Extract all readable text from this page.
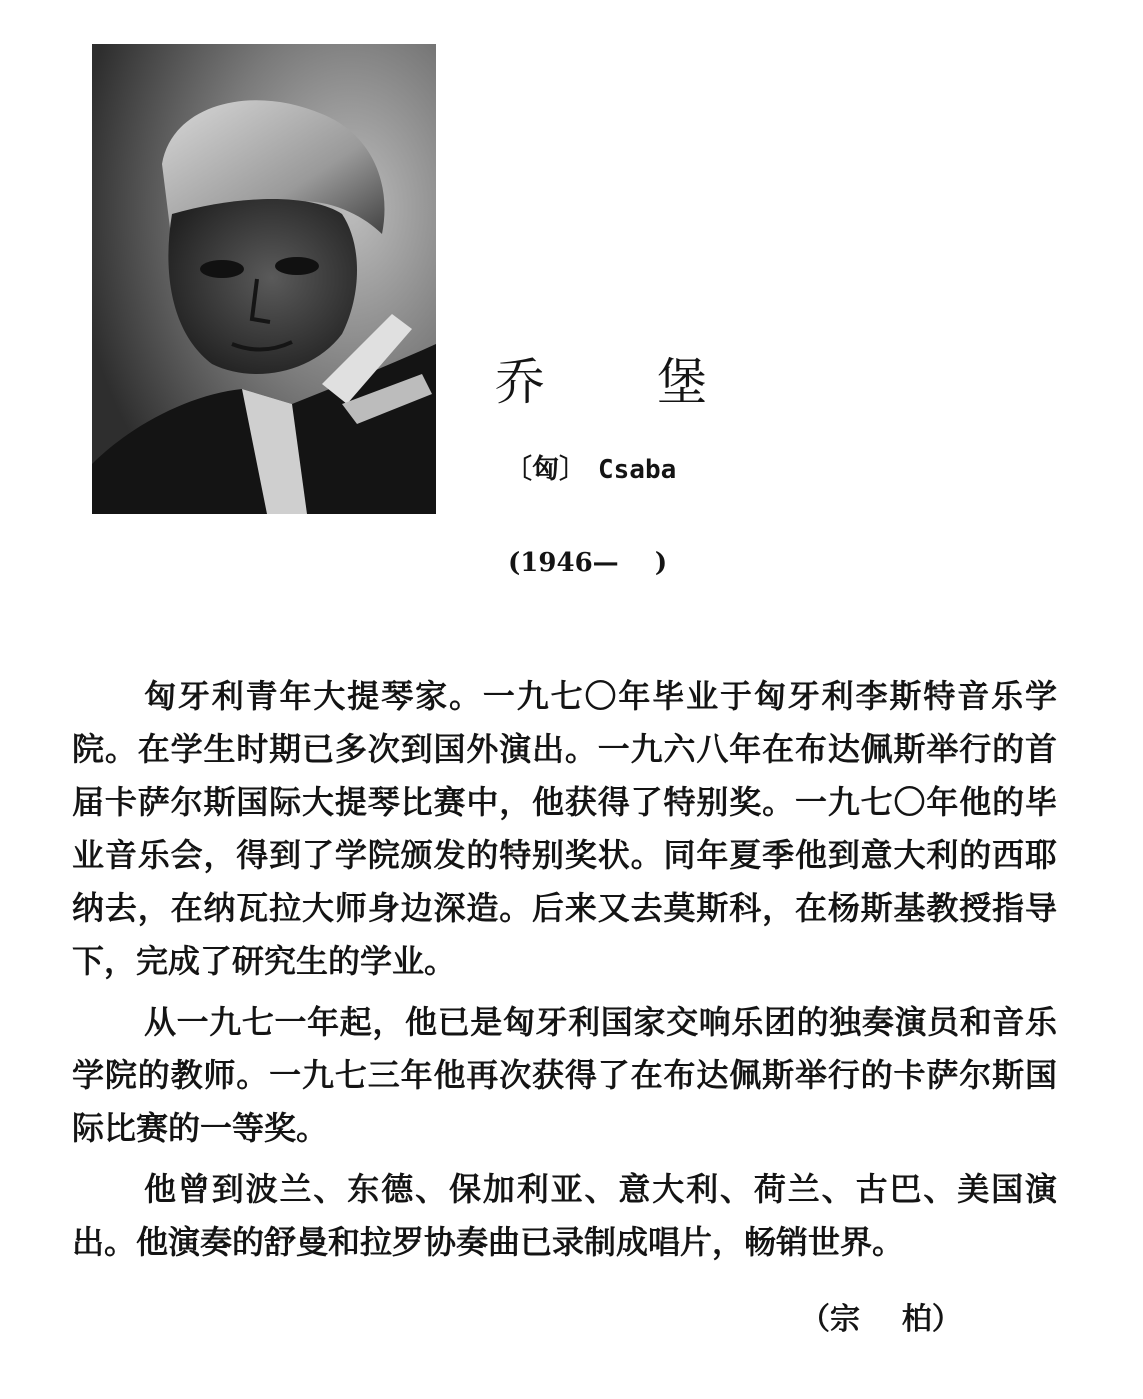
乔 堡
〔匈〕 Csaba
(1946—    )

匈牙利青年大提琴家。一九七〇年毕业于匈牙利李斯特音乐学院。在学生时期已多次到国外演出。一九六八年在布达佩斯举行的首届卡萨尔斯国际大提琴比赛中，他获得了特别奖。一九七〇年他的毕业音乐会，得到了学院颁发的特别奖状。同年夏季他到意大利的西耶纳去，在纳瓦拉大师身边深造。后来又去莫斯科，在杨斯基教授指导下，完成了研究生的学业。

从一九七一年起，他已是匈牙利国家交响乐团的独奏演员和音乐学院的教师。一九七三年他再次获得了在布达佩斯举行的卡萨尔斯国际比赛的一等奖。

他曾到波兰、东德、保加利亚、意大利、荷兰、古巴、美国演出。他演奏的舒曼和拉罗协奏曲已录制成唱片，畅销世界。

（宗    柏）
